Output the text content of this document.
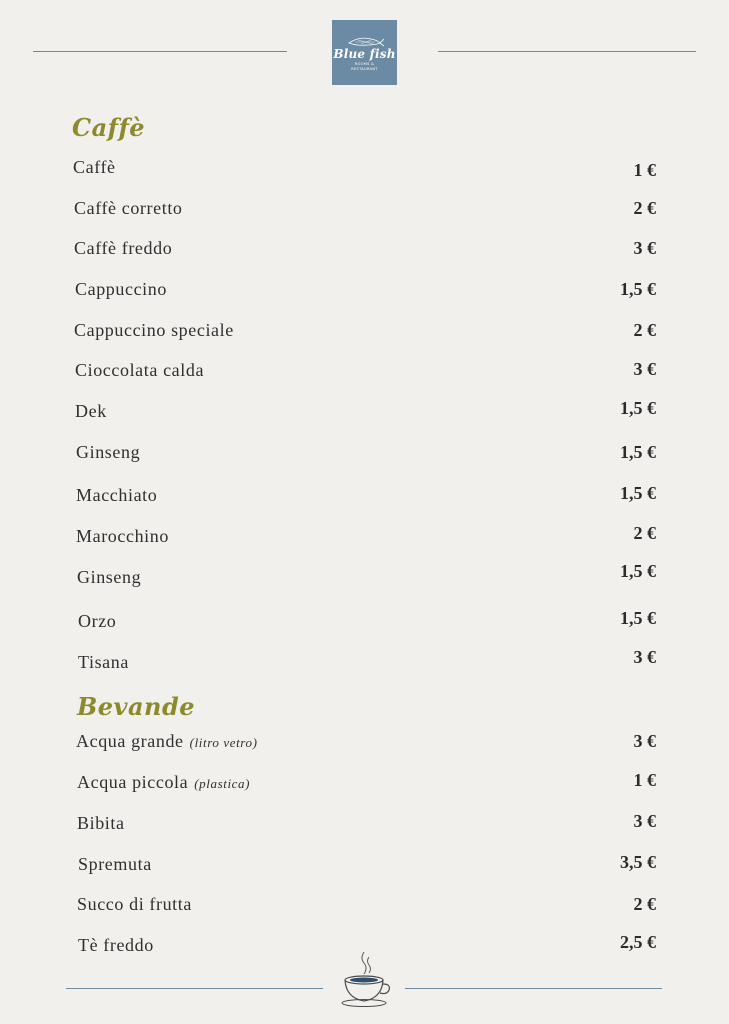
Blue fish
ROOMS &
RESTAURANT
Caffè
Caffè	1 €
Caffè corretto	2 €
Caffè freddo	3 €
Cappuccino	1,5 €
Cappuccino speciale	2 €
Cioccolata calda	3 €
Dek	1,5 €
Ginseng	1,5 €
Macchiato	1,5 €
Marocchino	2 €
Ginseng	1,5 €
Orzo	1,5 €
Tisana	3 €
Bevande
Acqua grande (litro vetro)	3 €
Acqua piccola (plastica)	1 €
Bibita	3 €
Spremuta	3,5 €
Succo di frutta	2 €
Tè freddo	2,5 €
